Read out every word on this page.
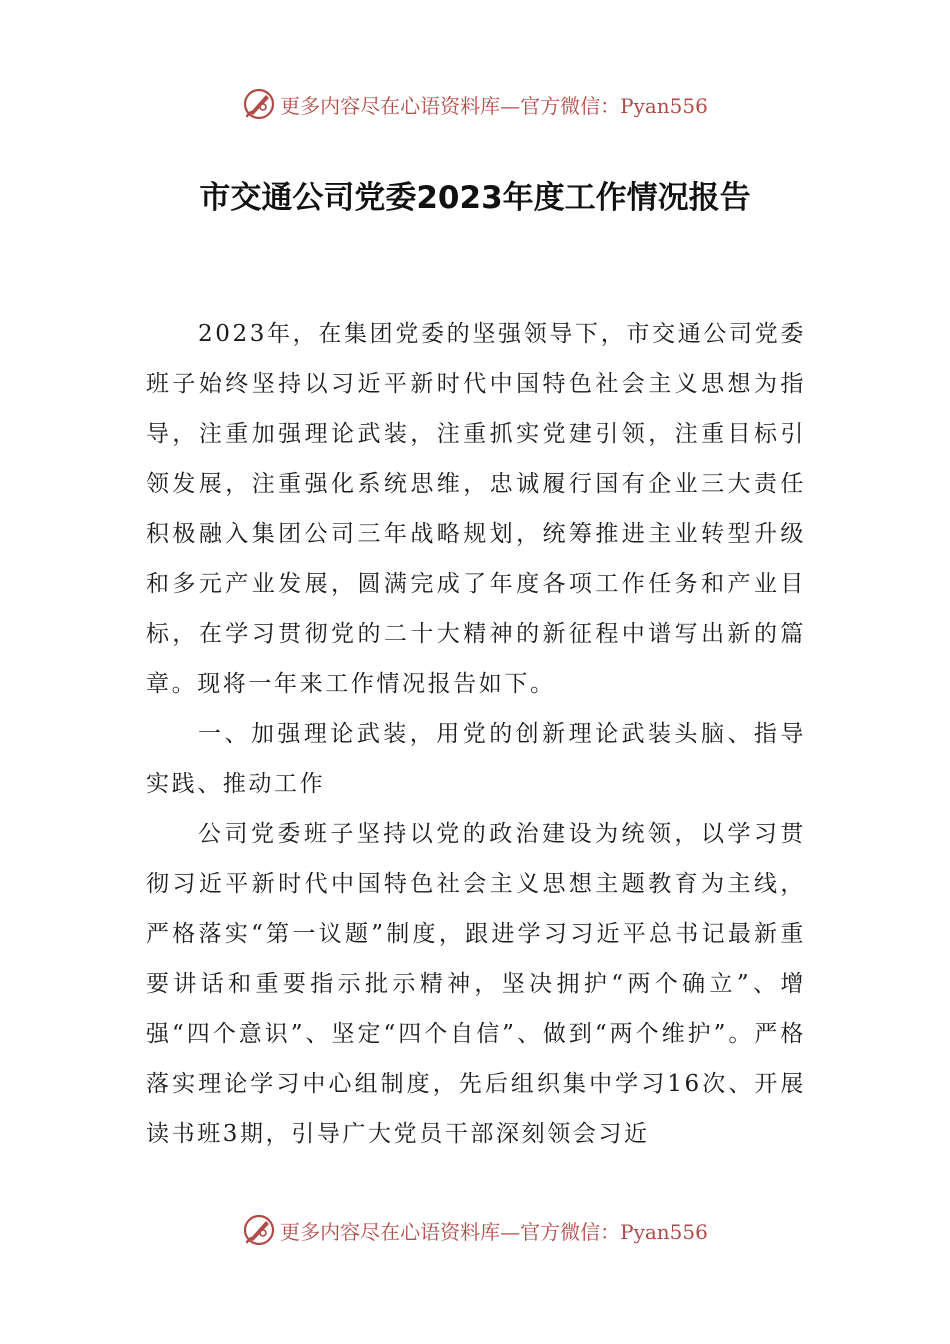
更多内容尽在心语资料库—官方微信：Pyan556
市交通公司党委2023年度工作情况报告

2023年，在集团党委的坚强领导下，市交通公司党委班子始终坚持以习近平新时代中国特色社会主义思想为指导，注重加强理论武装，注重抓实党建引领，注重目标引领发展，注重强化系统思维，忠诚履行国有企业三大责任积极融入集团公司三年战略规划，统筹推进主业转型升级和多元产业发展，圆满完成了年度各项工作任务和产业目标，在学习贯彻党的二十大精神的新征程中谱写出新的篇章。现将一年来工作情况报告如下。

一、加强理论武装，用党的创新理论武装头脑、指导实践、推动工作

公司党委班子坚持以党的政治建设为统领，以学习贯彻习近平新时代中国特色社会主义思想主题教育为主线，严格落实“第一议题”制度，跟进学习习近平总书记最新重要讲话和重要指示批示精神，坚决拥护“两个确立”、增强“四个意识”、坚定“四个自信”、做到“两个维护”。严格落实理论学习中心组制度，先后组织集中学习16次、开展读书班3期，引导广大党员干部深刻领会习近

更多内容尽在心语资料库—官方微信：Pyan556
